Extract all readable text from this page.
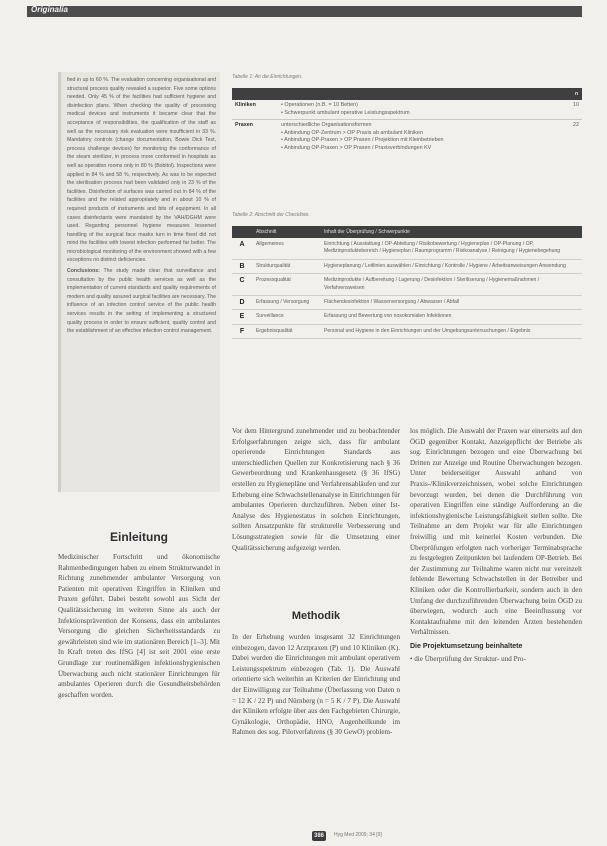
Originalia

fied in up to 60 %. The evaluation concerning organisational and structural process quality revealed a superior. Five some options needed. Only 45 % of the facilities had sufficient hygiene and disinfection plans. When checking the quality of processing medical devices and instruments it became clear that the acceptance of responsibilities, the qualification of the staff as well as the necessary risk evaluation were insufficient in 33 %. Mandatory controls (change documentation, Bowie Dick Test, process challenge devices) for monitoring the conformance of the steam sterilizer, in process more conformed in hospitals as well as operation rooms only in 80 % (Bobitol). Inspections were applied in 84 % and 58 %, respectively. As was to be expected the sterilisation process had been validated only in 23 % of the facilities. Disinfection of surfaces was carried out in 84 % of the facilities and the related appropriately and in about 10 % of required products of instruments and bits of equipment. In all cases disinfectants were mandated by the VAH/DGHM were used. Regarding personnel hygiene measures lessened handling of the surgical face masks turn in time fixed did not mind the facilities with lowest infection performed far better. The microbiological monitoring of the environment showed with a few exceptions no distinct deficiencies.

Conclusions: The study made clear that surveillance and consultation by the public health services as well as the implementation of current standards and quality requirements of modern and quality assured surgical facilities are necessary. The influence of an infection control service of the public health services results in the setting of implementing a structured quality process in order to ensure sufficient, quality control and the establishment of an effective infection control management.

Tabelle 1: An die Einrichtungen.
		n
Kliniken	• Operationen (n.B. = 10 Betten)
• Schwerpunkt ambulant operative Leistungsspektrum	10
Praxen	unterschiedliche Organisationsformen
• Anbindung OP-Zentrum > OP Praxis ab ambulant Kliniken
• Anbindung OP-Praxen > OP Praxen / Projektion mit Kleinbetrieben
• Anbindung OP-Praxen > OP Praxen / Praxisverbindungen KV	22
Tabelle 2: Abschnitt der Checkliste.
	Abschnitt	Inhalt der Überprüfung / Schwerpunkte
A	Allgemeines	Einrichtung / Ausstattung / OP-Abteilung / Risikobewertung / Hygieneplan / OP-Planung / OP, Medizinproduktebereich / Hygieneplan / Raumprogramm / Risikoanalyse / Reinigung / Hygienebegehung
B	Strukturqualität	Hygieneplanung / Leitlinien auswählen / Einrichtung / Kontrolle / Hygiene / Arbeitsanweisungen Anwendung
C	Prozessqualität	Medizinprodukte / Aufbereitung / Lagerung / Desinfektion / Steriliserung / Hygienemaßnahmen / Verfahrensweisen
D	Erfassung / Versorgung	Flächendesinfektion / Wasserversorgung / Abwasser / Abfall
E	Surveillance	Erfassung und Bewertung von nosokomialen Infektionen
F	Ergebnisqualität	Personal und Hygiene in den Einrichtungen und der Umgebungsuntersuchungen / Ergebnis
Einleitung

Medizinischer Fortschritt und ökonomische Rahmenbedingungen haben zu einem Strukturwandel in Richtung zunehmender ambulanter Versorgung von Patienten mit operativen Eingriffen in Kliniken und Praxen geführt. Dabei besteht sowohl aus Sicht der Qualitätssicherung im weiteren Sinne als auch der Infektionsprävention der Konsens, dass ein ambulantes Versorgung die gleichen Sicherheitsstandards zu gewährleisten sind wie im stationären Bereich [1–3]. Mit In Kraft treten des IfSG [4] ist seit 2001 eine erste Grundlage zur routinemäßigen infektionshygienischen Überwachung auch nicht stationärer Einrichtungen für ambulantes Operieren durch die Gesundheitsbehörden geschaffen worden.

Vor dem Hintergrund zunehmender und zu beobachtender Erfolgserfahrungen zeigte sich, dass für ambulant operierende Einrichtungen Standards aus unterschiedlichen Quellen zur Konkretisierung nach § 36 Gewerbeordnung und Krankenhausgesetz (§ 36 IfSG) erstellen zu Hygienepläne und Verfahrensabläufen und zur Erhebung eine Schwachstellenanalyse in Einrichtungen für ambulantes Operieren durchzuführen. Neben einer Ist-Analyse des Hygienestatus in solchen Einrichtungen, sollten Ansatzpunkte für strukturelle Verbesserung und Lösungsstrategien sowie für die Umsetzung einer Qualitätssicherung aufgezeigt werden.

Methodik

In der Erhebung wurden insgesamt 32 Einrichtungen einbezogen, davon 12 Arztpraxen (P) und 10 Kliniken (K). Dabei wurden die Einrichtungen mit ambulant operativem Leistungsspektrum einbezogen (Tab. 1). Die Auswahl orientierte sich weiterhin an Kriterien der Einrichtung und der Einwilligung zur Teilnahme (Überlassung von Daten n = 12 K / 22 P) und Nürnberg (n = 5 K / 7 P). Die Auswahl der Kliniken erfolgte über aus den Fachgebieten Chirurgie, Gynäkologie, Orthopädie, HNO, Augenheilkunde im Rahmen des sog. Pilotverfahrens (§ 30 GewO) problem-

los möglich. Die Auswahl der Praxen war einerseits auf den ÖGD gegenüber Kontakt, Anzeigepflicht der Betriebe als sog. Einrichtungen bezogen und eine Überwachung bei Dritten zur Anzeige und Routine Überwachungen bezogen. Unter beiderseitiger Auswahl anhand von Praxis-/Klinikverzeichnissen, wobei solche Einrichtungen bevorzugt wurden, bei denen die Durchführung von operativen Eingriffen eine ständige Aufforderung an die infektionshygienische Leistungsfähigkeit stellen sollte. Die Teilnahme an dem Projekt war für alle Einrichtungen freiwillig und mit keinerlei Kosten verbunden. Die Überprüfungen erfolgten nach vorheriger Terminabsprache zu festgelegten Zeitpunkten bei laufendem OP-Betrieb. Bei der Zustimmung zur Teilnahme waren nicht nur vereinzelt fehlende Bewertung Schwachstellen in der Betreiber und Kliniken oder die Kontrollierbarkeit, sondern auch in den Umfang der durchzuführenden Überwachung beim ÖGD zu überwiegen, wodurch auch eine Beeinflussung vor Kontaktaufnahme mit den leitenden Ärzten bestehenden Verhältnissen.

Die Projektumsetzung beinhaltete

• die Überprüfung der Struktur- und Pro-

386	Hyg Med 2009; 34 [9]
